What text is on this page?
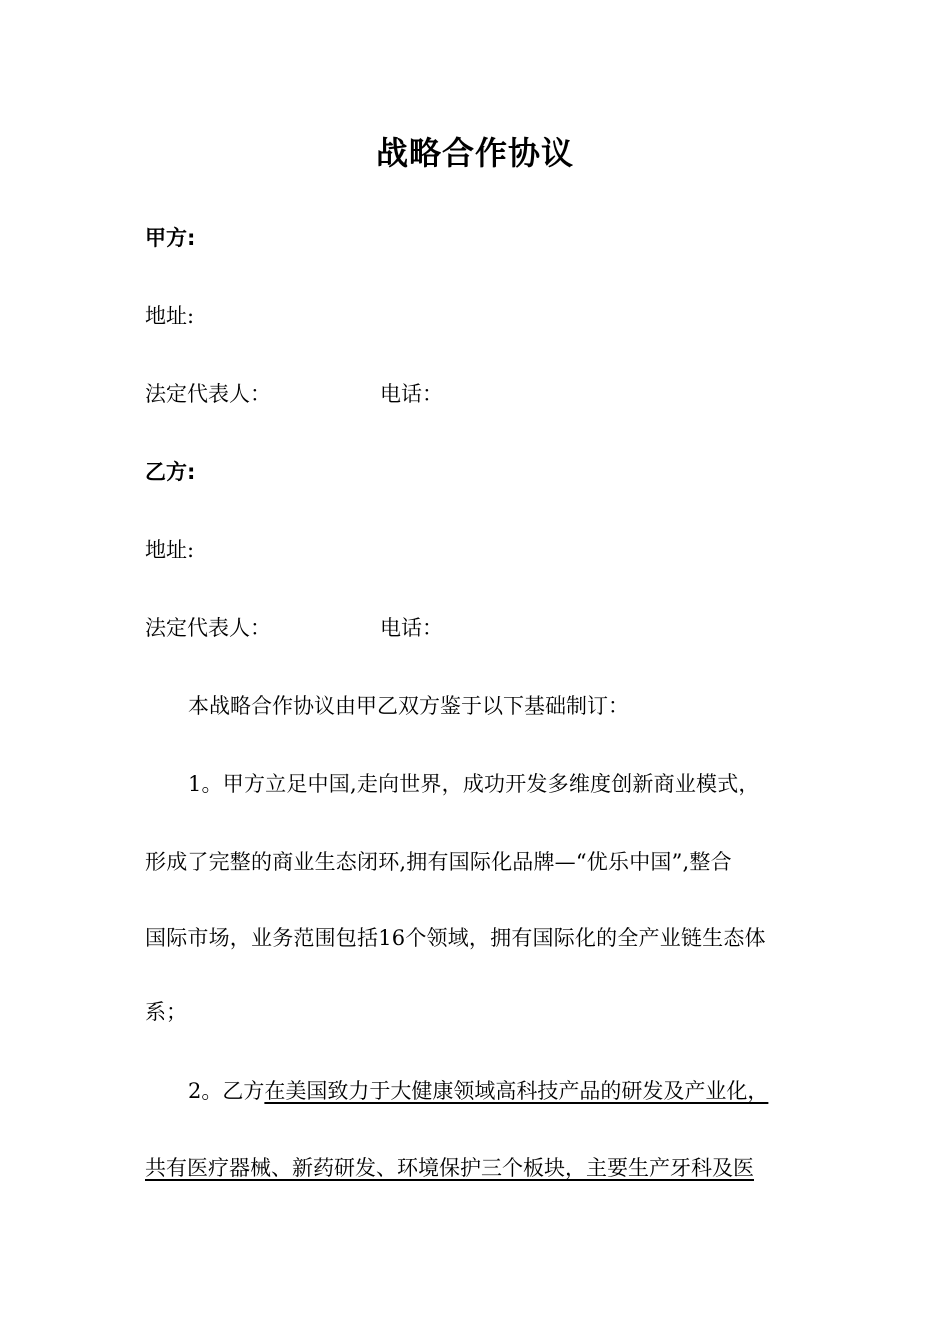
战略合作协议
甲方:
地址:
法定代表人：	电话：
乙方:
地址:
法定代表人：	电话：
本战略合作协议由甲乙双方鉴于以下基础制订：
1。甲方立足中国,走向世界，成功开发多维度创新商业模式，
形成了完整的商业生态闭环,拥有国际化品牌—“优乐中国”,整合
国际市场，业务范围包括16个领域，拥有国际化的全产业链生态体
系；
2。乙方在美国致力于大健康领域高科技产品的研发及产业化，
共有医疗器械、新药研发、环境保护三个板块，主要生产牙科及医
